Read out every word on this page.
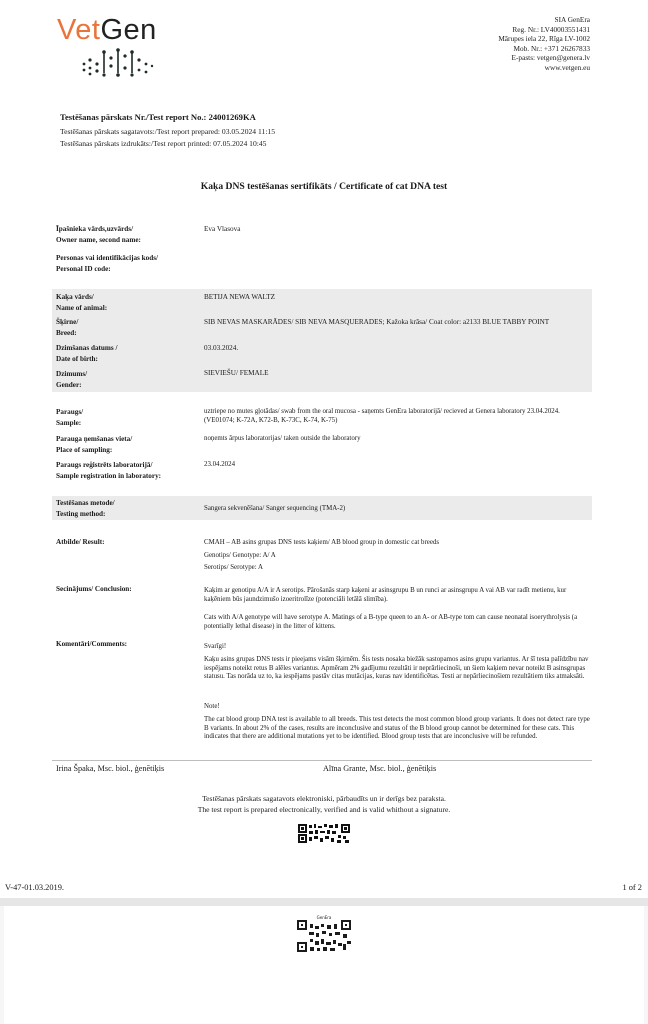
VetGen	SIA GenEra
Reg. Nr.: LV40003551431
Mārupes iela 22, Rīga LV-1002
Mob. Nr.: +371 26267833
E-pasts: vetgen@genera.lv
www.vetgen.eu
Testēšanas pārskats Nr./Test report No.: 24001269KA
Testēšanas pārskats sagatavots:/Test report prepared: 03.05.2024 11:15
Testēšanas pārskats izdrukāts:/Test report printed: 07.05.2024 10:45
Kaķa DNS testēšanas sertifikāts / Certificate of cat DNA test
Īpašnieka vārds,uzvārds/
Owner name, second name:
Eva Vlasova
Personas vai identifikācijas kods/
Personal ID code:
Kaķa vārds/
Name of animal:
BETIJA NEWA WALTZ
Šķirne/
Breed:
SIB NEVAS MASKARĀDES/ SIB NEVA MASQUERADES; Kažoka krāsa/ Coat color: a2133 BLUE TABBY POINT
Dzimšanas datums /
Date of birth:
03.03.2024.
Dzimums/
Gender:
SIEVIEŠU/ FEMALE
Paraugs/
Sample:
uztriepe no mutes gļotādas/ swab from the oral mucosa - saņemts GenEra laboratorijā/ recieved at Genera laboratory 23.04.2024. (VE01074; K-72A, K72-B, K-73C, K-74, K-75)
Parauga ņemšanas vieta/
Place of sampling:
noņemts ārpus laboratorijas/ taken outside the laboratory
Paraugs reģistrēts laboratorijā/
Sample registration in laboratory:
23.04.2024
Testēšanas metode/
Testing method:
Sangera sekvenēšana/ Sanger sequencing (TMA-2)
Atbilde/ Result:	CMAH – AB asins grupas DNS tests kaķiem/ AB blood group in domestic cat breeds

Genotips/ Genotype: A/ A

Serotips/ Serotype: A

Secinājums/ Conclusion:	Kaķim ar genotipu A/A ir A serotips. Pārošanās starp kaķeni ar asinsgrupu B un runci ar asinsgrupu A vai AB var radīt metienu, kur kaķēniem būs jaundzimušo izoeritrolīze (potenciāli letālā slimība).
Cats with A/A genotype will have serotype A. Matings of a B-type queen to an A- or AB-type tom can cause neonatal isoerythrolysis (a potentially lethal disease) in the litter of kittens.
Komentāri/Comments:	Svarīgi!
Kaķu asins grupas DNS tests ir pieejams visām šķirnēm. Šis tests nosaka biežāk sastopamos asins grupu variantus. Ar šī testa palīdzību nav iespējams noteikt retus B alēles variantus. Apmēram 2% gadījumu rezultāti ir neprārliecinoši, un šiem kaķiem nevar noteikt B asinsgrupas statusu. Tas norāda uz to, ka iespējams pastāv citas mutācijas, kuras nav identificētas. Testi ar nepārliecinošiem rezultātiem tiks atmaksāti.
Note!
The cat blood group DNA test is available to all breeds. This test detects the most common blood group variants. It does not detect rare type B variants. In about 2% of the cases, results are inconclusive and status of the B blood group cannot be determined for these cats. This indicates that there are additional mutations yet to be identified. Blood group tests that are inconclusive will be refunded.
Irina Špaka, Msc. biol., ģenētiķis	Alīna Grante, Msc. biol., ģenētiķis
Testēšanas pārskats sagatavots elektroniski, pārbaudīts un ir derīgs bez paraksta.
The test report is prepared electronically, verified and is valid whithout a signature.
V-47-01.03.2019.	1 of 2
GenEra
